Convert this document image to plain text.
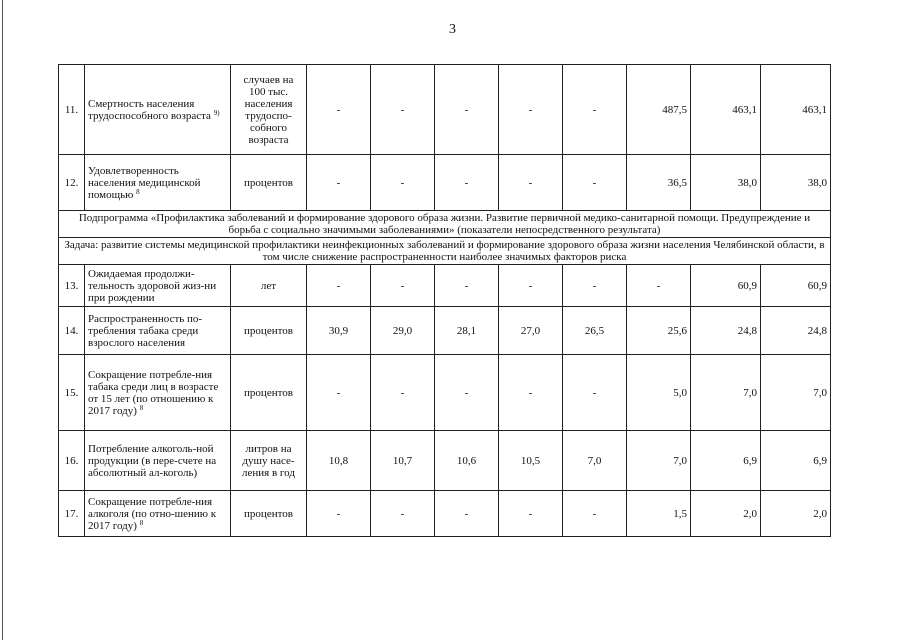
3
11.	Смертность населения трудоспособного возраста $^{9)}$	случаев на 100 тыс. населения трудоспо-собного возраста	-	-	-	-	-	487,5	463,1	463,1
12.	Удовлетворенность населения медицинской помощью $^8$	процентов	-	-	-	-	-	36,5	38,0	38,0
Подпрограмма «Профилактика заболеваний и формирование здорового образа жизни. Развитие первичной медико-санитарной помощи. Предупреждение и борьба с социально значимыми заболеваниями» (показатели непосредственного результата)										
Задача: развитие системы медицинской профилактики неинфекционных заболеваний и формирование здорового образа жизни населения Челябинской области, в том числе снижение распространенности наиболее значимых факторов риска										
13.	Ожидаемая продолжи-тельность здоровой жиз-ни при рождении	лет	-	-	-	-	-	-	60,9	60,9
14.	Распространенность по-требления табака среди взрослого населения	процентов	30,9	29,0	28,1	27,0	26,5	25,6	24,8	24,8
15.	Сокращение потребле-ния табака среди лиц в возрасте от 15 лет (по отношению к 2017 году) $^8$	процентов	-	-	-	-	-	5,0	7,0	7,0
16.	Потребление алкоголь-ной продукции (в пере-счете на абсолютный ал-коголь)	литров на душу насе-ления в год	10,8	10,7	10,6	10,5	7,0	7,0	6,9	6,9
17.	Сокращение потребле-ния алкоголя (по отно-шению к 2017 году) $^8$	процентов	-	-	-	-	-	1,5	2,0	2,0
